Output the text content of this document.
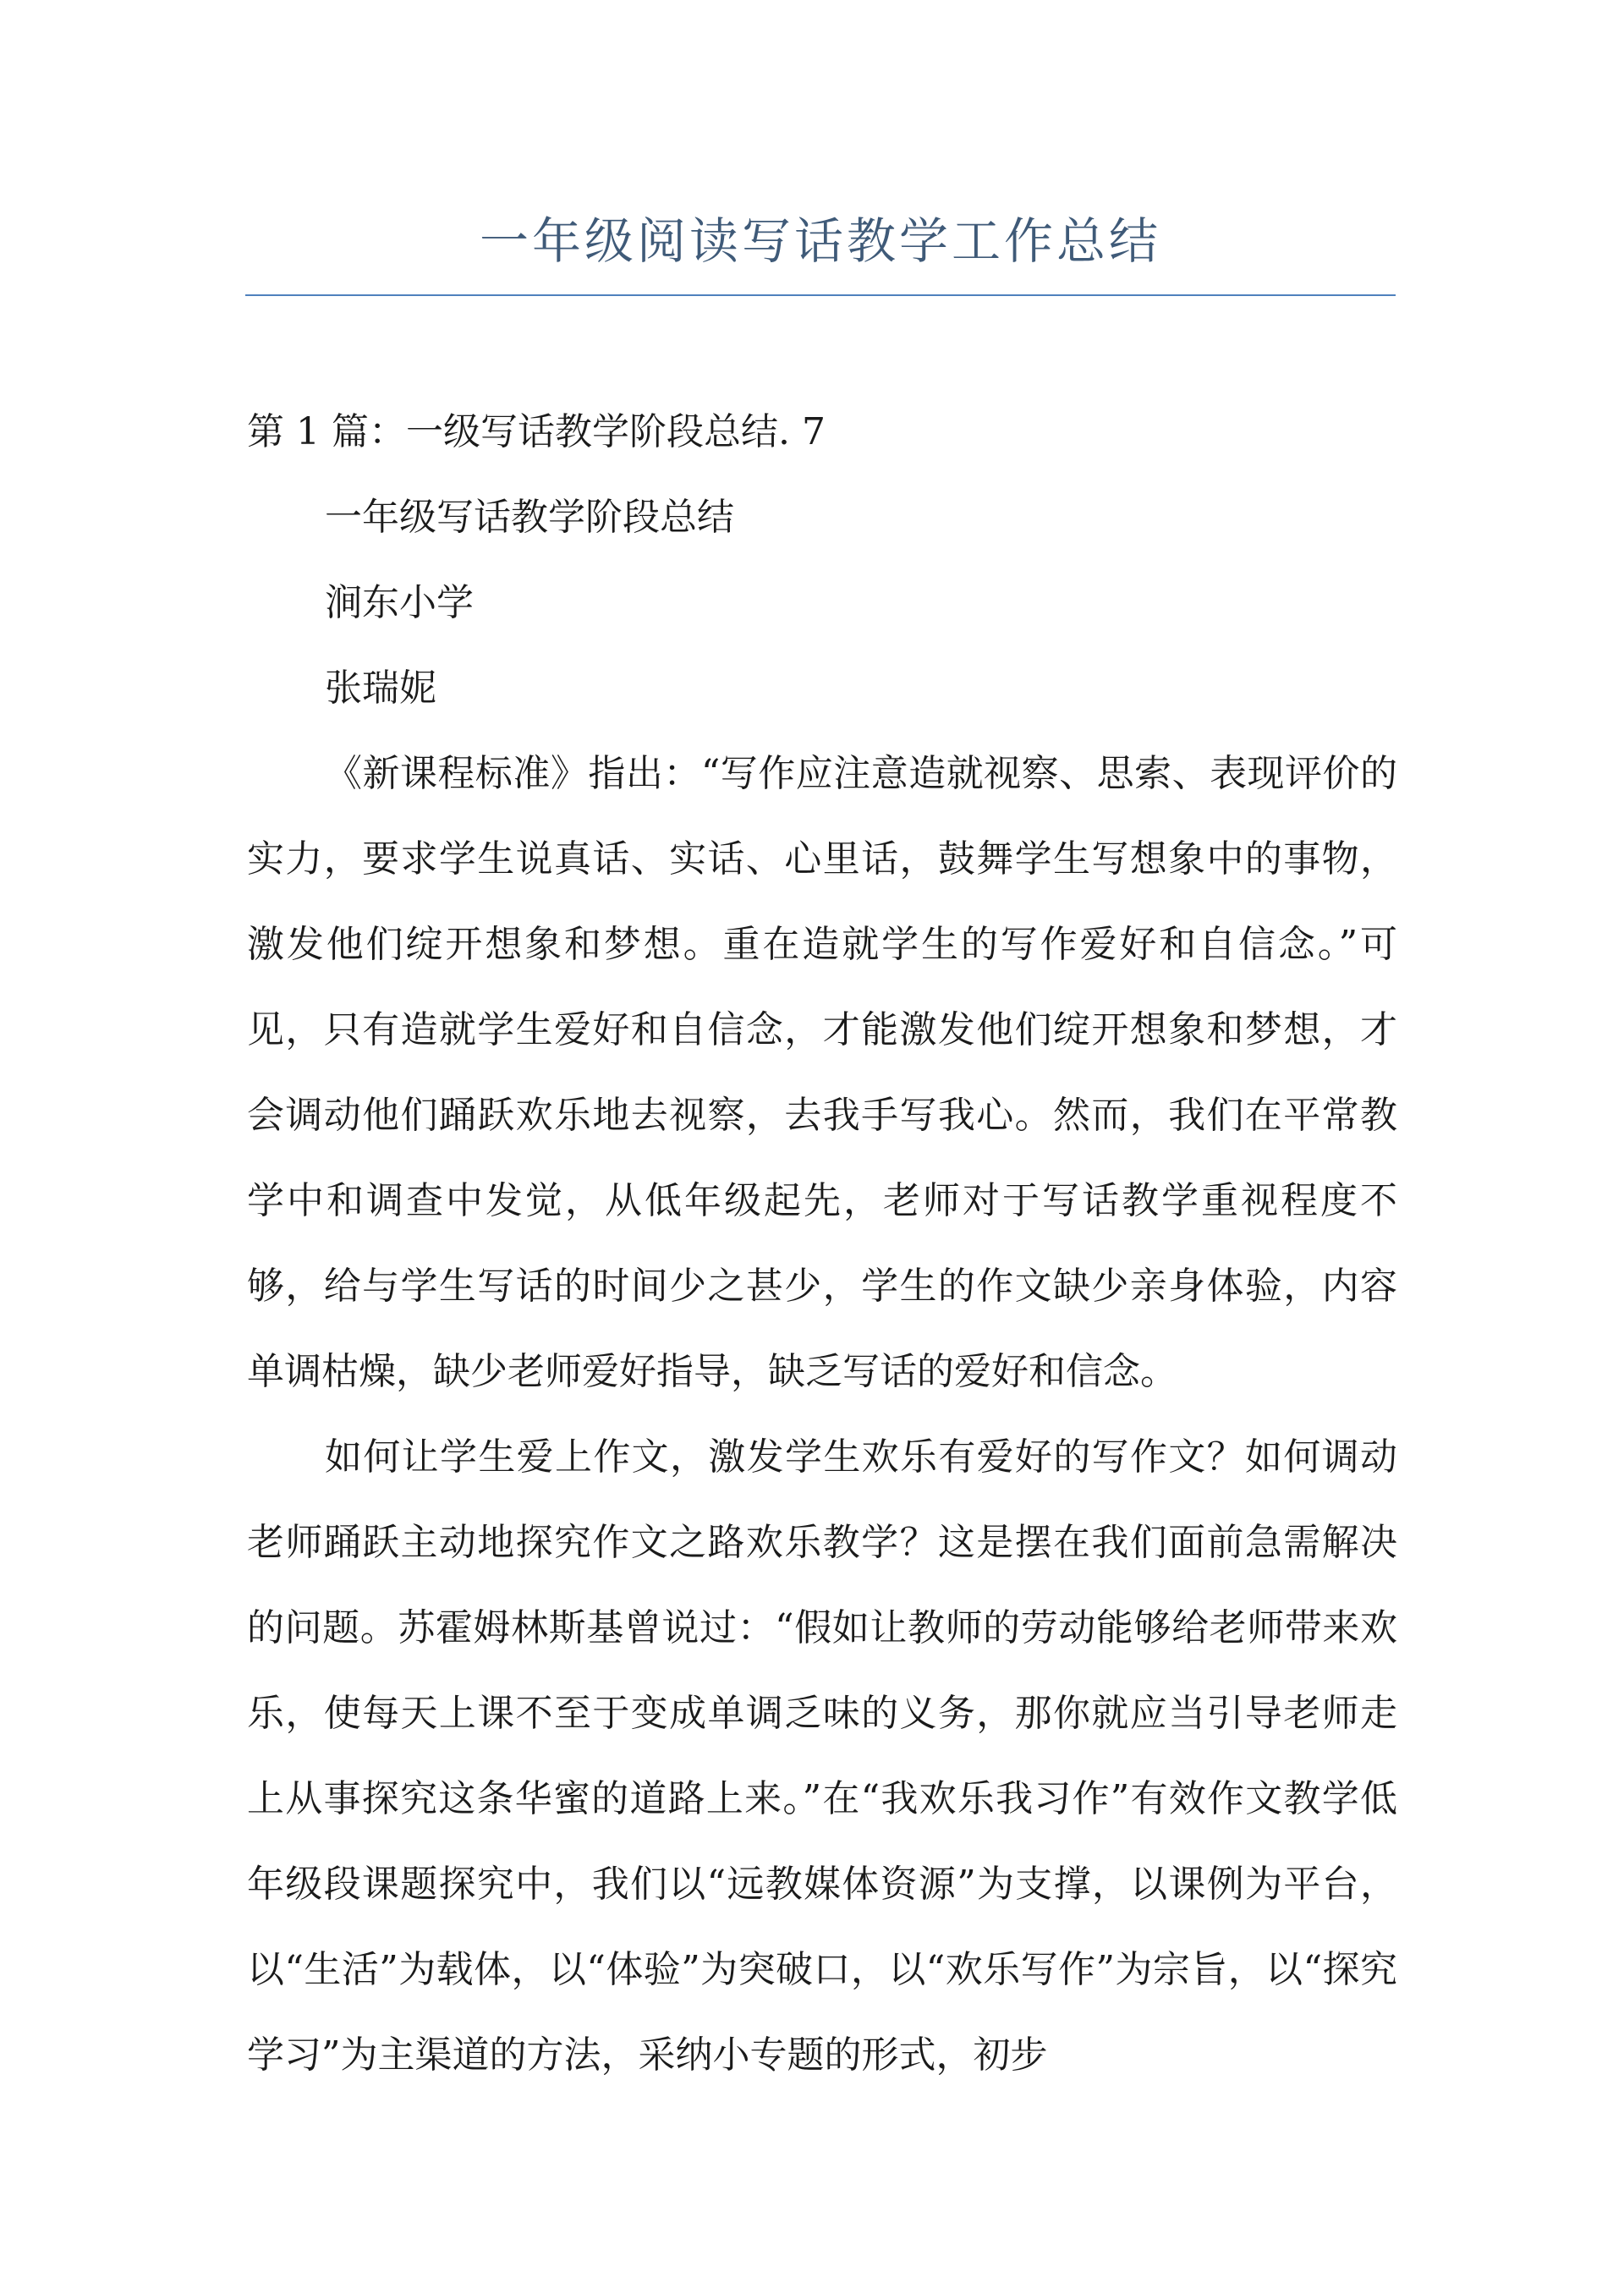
一年级阅读写话教学工作总结

第 1 篇：一级写话教学阶段总结. 7

一年级写话教学阶段总结

涧东小学

张瑞妮

《新课程标准》指出：“写作应注意造就视察、思索、表现评价的实力，要求学生说真话、实话、心里话，鼓舞学生写想象中的事物，激发他们绽开想象和梦想。重在造就学生的写作爱好和自信念。”可见，只有造就学生爱好和自信念，才能激发他们绽开想象和梦想，才会调动他们踊跃欢乐地去视察，去我手写我心。然而，我们在平常教学中和调查中发觉，从低年级起先，老师对于写话教学重视程度不够，给与学生写话的时间少之甚少，学生的作文缺少亲身体验，内容单调枯燥，缺少老师爱好指导，缺乏写话的爱好和信念。

如何让学生爱上作文，激发学生欢乐有爱好的写作文？如何调动老师踊跃主动地探究作文之路欢乐教学？这是摆在我们面前急需解决的问题。苏霍姆林斯基曾说过：“假如让教师的劳动能够给老师带来欢乐，使每天上课不至于变成单调乏味的义务，那你就应当引导老师走上从事探究这条华蜜的道路上来。”在“我欢乐我习作”有效作文教学低年级段课题探究中，我们以“远教媒体资源”为支撑，以课例为平台，以“生活”为载体，以“体验”为突破口，以“欢乐写作”为宗旨，以“探究学习”为主渠道的方法，采纳小专题的形式，初步
